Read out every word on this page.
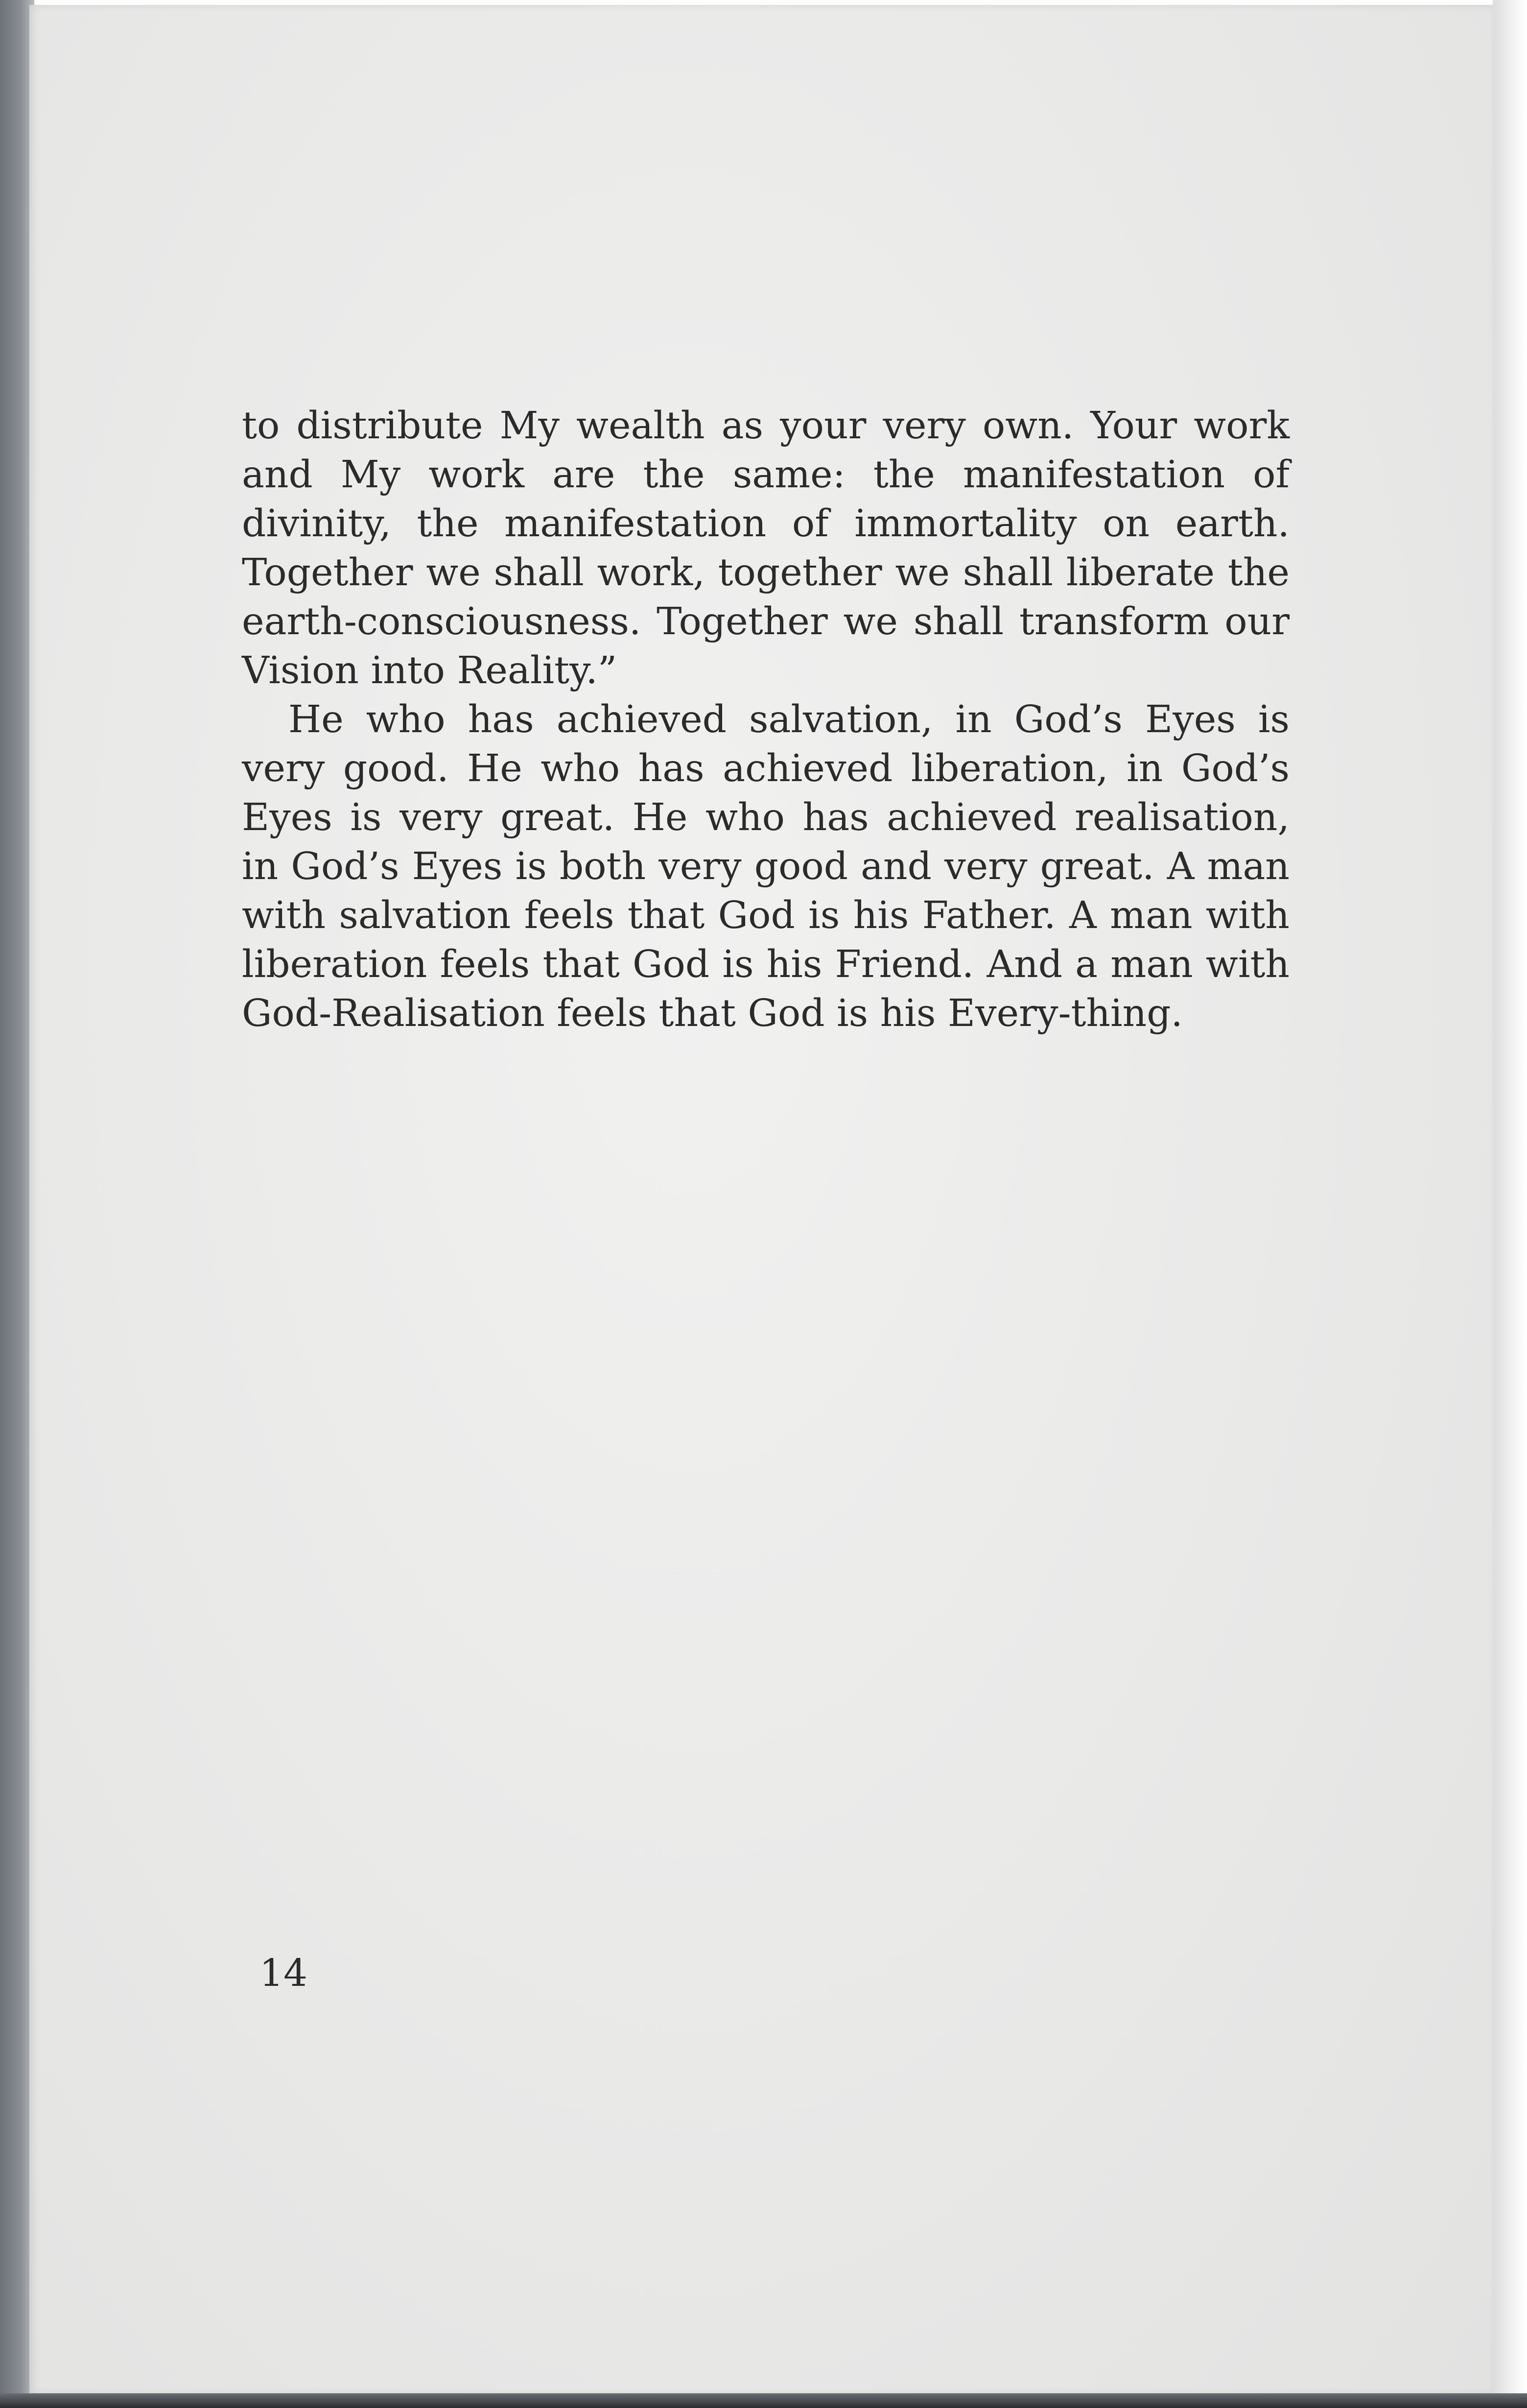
to distribute My wealth as your very own. Your work and My work are the same: the manifestation of divinity, the manifestation of immortality on earth. Together we shall work, together we shall liberate the earth-consciousness. Together we shall transform our Vision into Reality.”

He who has achieved salvation, in God’s Eyes is very good. He who has achieved liberation, in God’s Eyes is very great. He who has achieved realisation, in God’s Eyes is both very good and very great. A man with salvation feels that God is his Father. A man with liberation feels that God is his Friend. And a man with God-Realisation feels that God is his Every-thing.

14
